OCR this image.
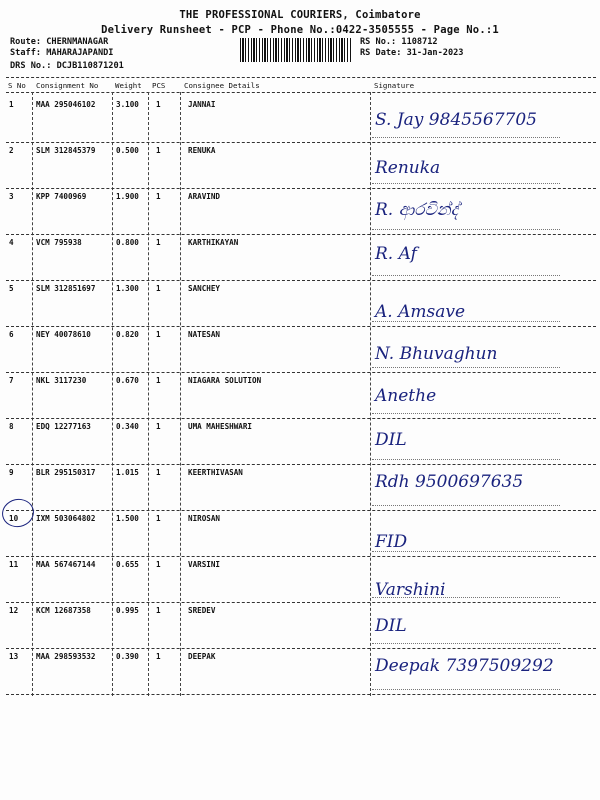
THE PROFESSIONAL COURIERS, Coimbatore
Delivery Runsheet - PCP - Phone No.:0422-3505555 - Page No.:1
Route: CHERNMANAGAR
Staff: MAHARAJAPANDI
DRS No.: DCJB110871201
RS No.: 1108712
RS Date: 31-Jan-2023
S No Consignment No Weight PCS	Consignee Details	Signature
1	MAA 295046102	3.100 1	JANNAI
S. Jay 9845567705
2	SLM 312845379	0.500 1	RENUKA
Renuka
3	KPP 7400969	1.900 1	ARAVIND
R. ආරවින්ද්
4	VCM 795938	0.800 1	KARTHIKAYAN
R. Af
5	SLM 312851697	1.300 1	SANCHEY
A. Amsave
6	NEY 40078610	0.820 1	NATESAN
N. Bhuvaghun
7	NKL 3117230	0.670 1	NIAGARA SOLUTION
Anethe
8	EDQ 12277163	0.340 1	UMA MAHESHWARI
DIL
9	BLR 295150317	1.015 1	KEERTHIVASAN	Rdh 9500697635
10 IXM 503064802	1.500 1	NIROSAN
FID
11 MAA 567467144	0.655 1	VARSINI
Varshini
12 KCM 12687358	0.995 1	SREDEV
DIL
13 MAA 298593532	0.390 1	DEEPAK	Deepak 7397509292
